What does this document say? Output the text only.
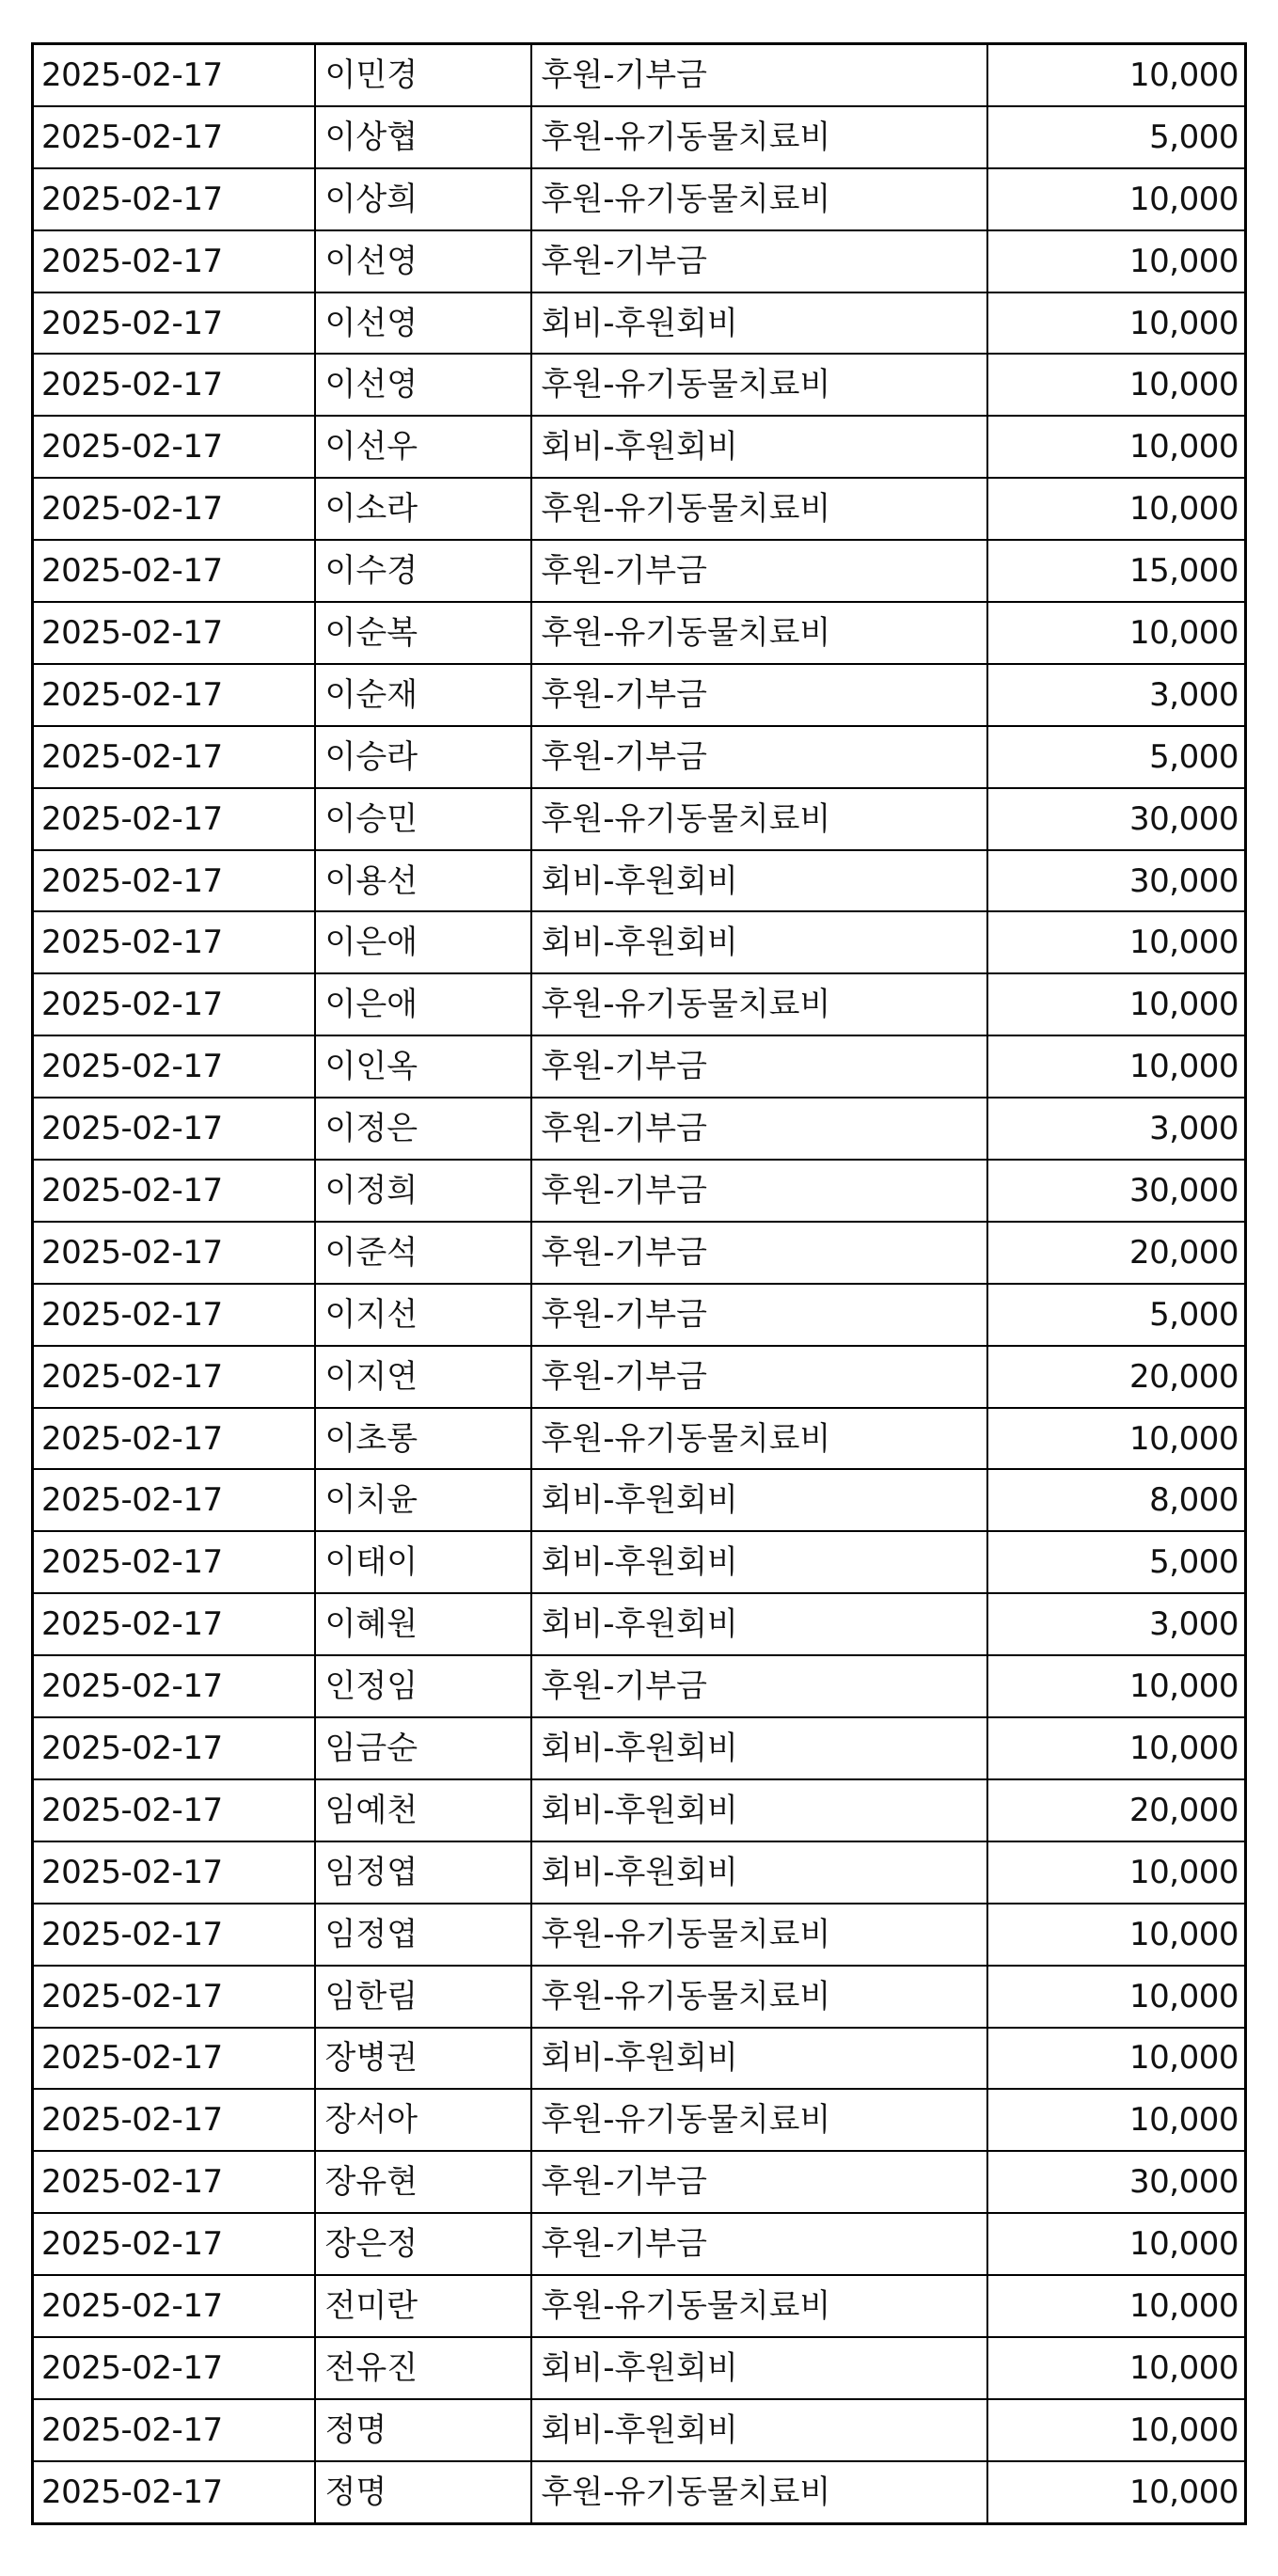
2025-02-17	이민경	후원-기부금	10,000
2025-02-17	이상협	후원-유기동물치료비	5,000
2025-02-17	이상희	후원-유기동물치료비	10,000
2025-02-17	이선영	후원-기부금	10,000
2025-02-17	이선영	회비-후원회비	10,000
2025-02-17	이선영	후원-유기동물치료비	10,000
2025-02-17	이선우	회비-후원회비	10,000
2025-02-17	이소라	후원-유기동물치료비	10,000
2025-02-17	이수경	후원-기부금	15,000
2025-02-17	이순복	후원-유기동물치료비	10,000
2025-02-17	이순재	후원-기부금	3,000
2025-02-17	이승라	후원-기부금	5,000
2025-02-17	이승민	후원-유기동물치료비	30,000
2025-02-17	이용선	회비-후원회비	30,000
2025-02-17	이은애	회비-후원회비	10,000
2025-02-17	이은애	후원-유기동물치료비	10,000
2025-02-17	이인옥	후원-기부금	10,000
2025-02-17	이정은	후원-기부금	3,000
2025-02-17	이정희	후원-기부금	30,000
2025-02-17	이준석	후원-기부금	20,000
2025-02-17	이지선	후원-기부금	5,000
2025-02-17	이지연	후원-기부금	20,000
2025-02-17	이초롱	후원-유기동물치료비	10,000
2025-02-17	이치윤	회비-후원회비	8,000
2025-02-17	이태이	회비-후원회비	5,000
2025-02-17	이혜원	회비-후원회비	3,000
2025-02-17	인정임	후원-기부금	10,000
2025-02-17	임금순	회비-후원회비	10,000
2025-02-17	임예천	회비-후원회비	20,000
2025-02-17	임정엽	회비-후원회비	10,000
2025-02-17	임정엽	후원-유기동물치료비	10,000
2025-02-17	임한림	후원-유기동물치료비	10,000
2025-02-17	장병권	회비-후원회비	10,000
2025-02-17	장서아	후원-유기동물치료비	10,000
2025-02-17	장유현	후원-기부금	30,000
2025-02-17	장은정	후원-기부금	10,000
2025-02-17	전미란	후원-유기동물치료비	10,000
2025-02-17	전유진	회비-후원회비	10,000
2025-02-17	정명	회비-후원회비	10,000
2025-02-17	정명	후원-유기동물치료비	10,000
